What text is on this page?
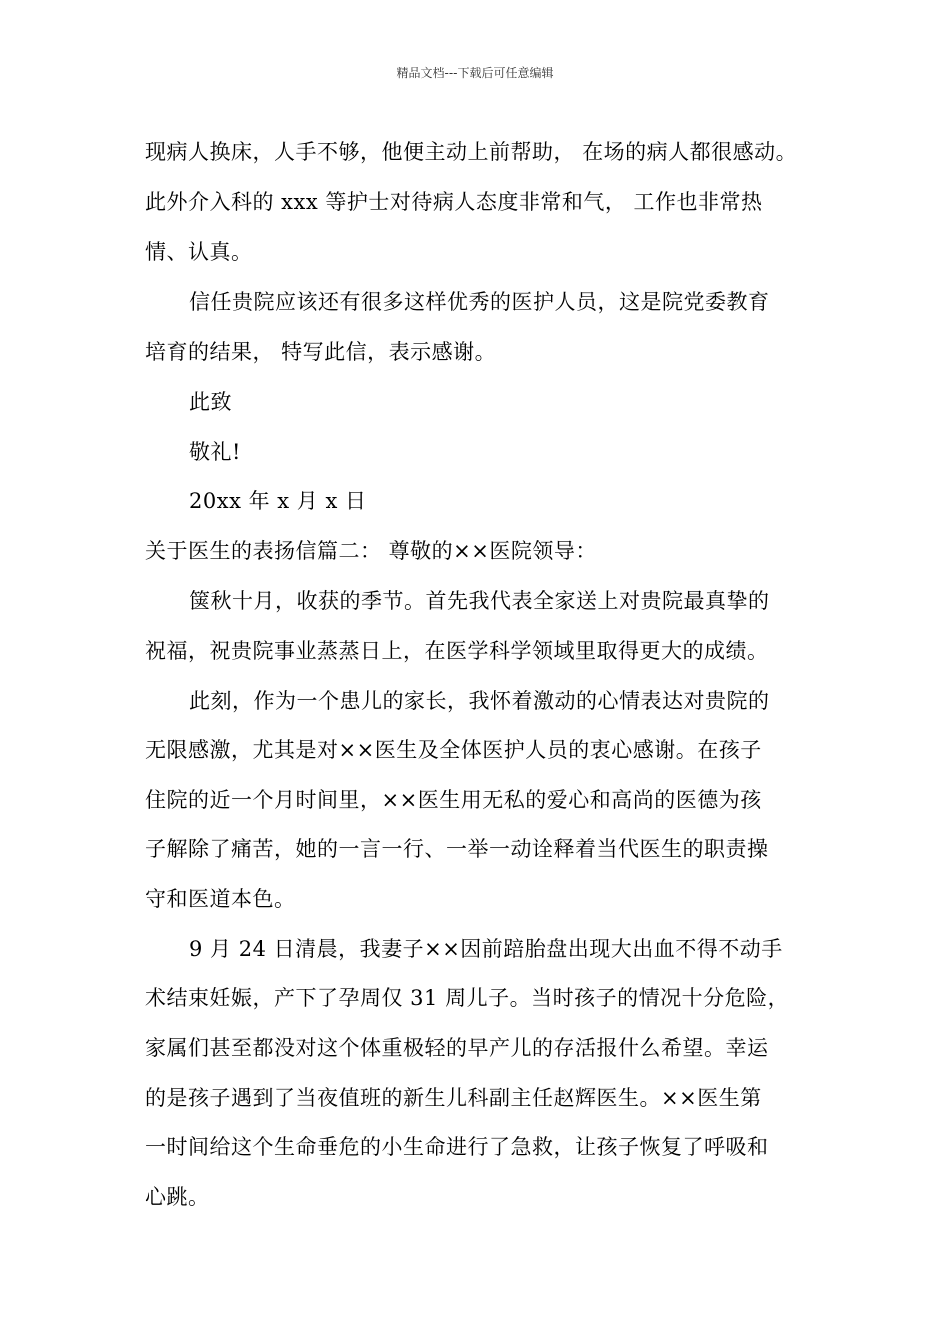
精品文档---下载后可任意编辑
现病人换床，人手不够，他便主动上前帮助， 在场的病人都很感动。
此外介入科的 xxx 等护士对待病人态度非常和气， 工作也非常热
情、认真。
信任贵院应该还有很多这样优秀的医护人员，这是院党委教育
培育的结果， 特写此信，表示感谢。
此致
敬礼!
20xx 年 x 月 x 日
关于医生的表扬信篇二： 尊敬的××医院领导：
箧秋十月，收获的季节。首先我代表全家送上对贵院最真挚的
祝福，祝贵院事业蒸蒸日上，在医学科学领域里取得更大的成绩。
此刻，作为一个患儿的家长，我怀着激动的心情表达对贵院的
无限感激，尤其是对××医生及全体医护人员的衷心感谢。在孩子
住院的近一个月时间里，××医生用无私的爱心和高尚的医德为孩
子解除了痛苦，她的一言一行、一举一动诠释着当代医生的职责操
守和医道本色。
9 月 24 日清晨，我妻子××因前踣胎盘出现大出血不得不动手
术结束妊娠，产下了孕周仅 31 周儿子。当时孩子的情况十分危险，
家属们甚至都没对这个体重极轻的早产儿的存活报什么希望。幸运
的是孩子遇到了当夜值班的新生儿科副主任赵辉医生。××医生第
一时间给这个生命垂危的小生命进行了急救，让孩子恢复了呼吸和
心跳。
